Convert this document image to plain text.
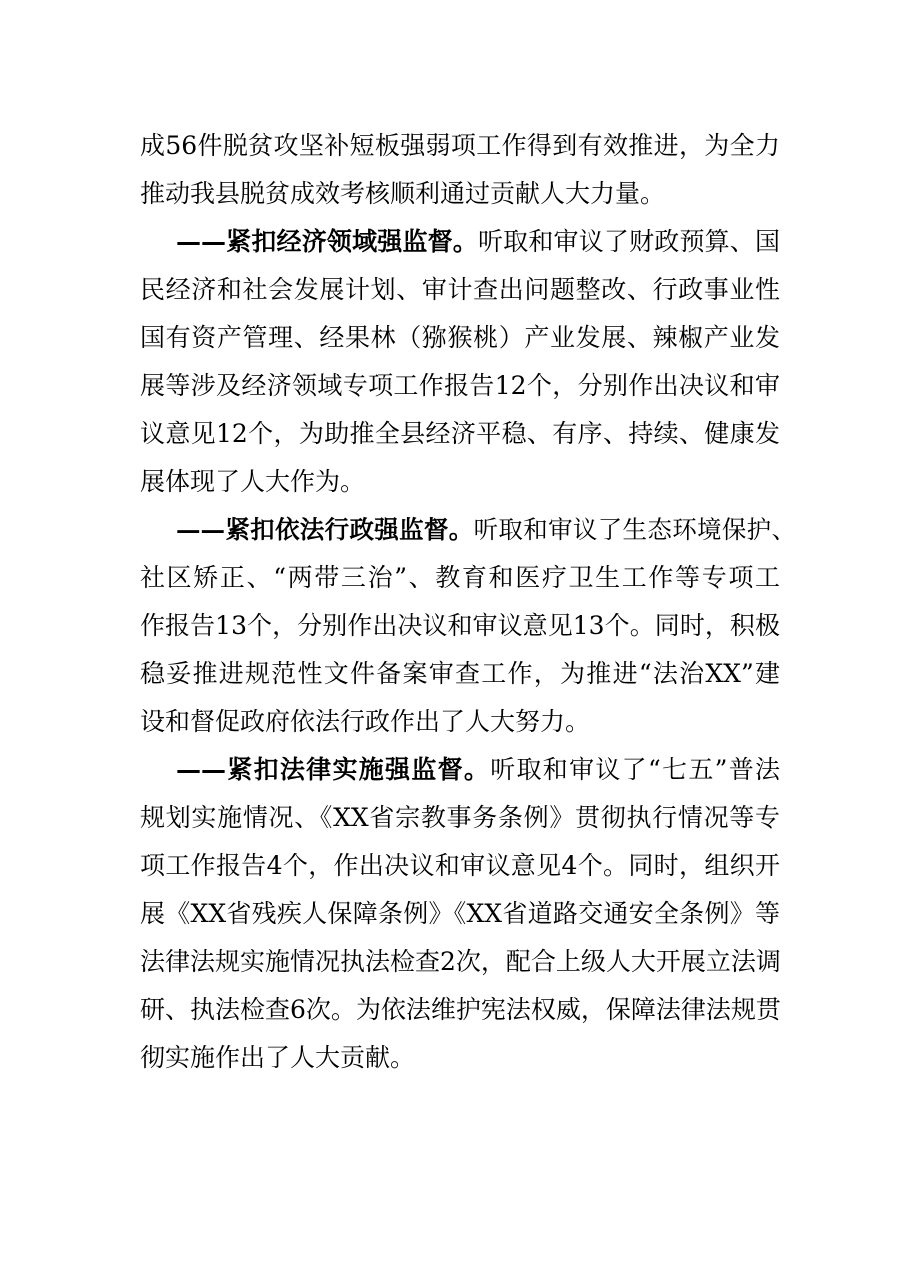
成56件脱贫攻坚补短板强弱项工作得到有效推进，为全力
推动我县脱贫成效考核顺利通过贡献人大力量。
——紧扣经济领域强监督。听取和审议了财政预算、国
民经济和社会发展计划、审计查出问题整改、行政事业性
国有资产管理、经果林（猕猴桃）产业发展、辣椒产业发
展等涉及经济领域专项工作报告12个，分别作出决议和审
议意见12个，为助推全县经济平稳、有序、持续、健康发
展体现了人大作为。
——紧扣依法行政强监督。听取和审议了生态环境保护、
社区矫正、“两带三治”、教育和医疗卫生工作等专项工
作报告13个，分别作出决议和审议意见13个。同时，积极
稳妥推进规范性文件备案审查工作，为推进“法治XX”建
设和督促政府依法行政作出了人大努力。
——紧扣法律实施强监督。听取和审议了“七五”普法
规划实施情况、《XX省宗教事务条例》贯彻执行情况等专
项工作报告4个，作出决议和审议意见4个。同时，组织开
展《XX省残疾人保障条例》《XX省道路交通安全条例》等
法律法规实施情况执法检查2次，配合上级人大开展立法调
研、执法检查6次。为依法维护宪法权威，保障法律法规贯
彻实施作出了人大贡献。
